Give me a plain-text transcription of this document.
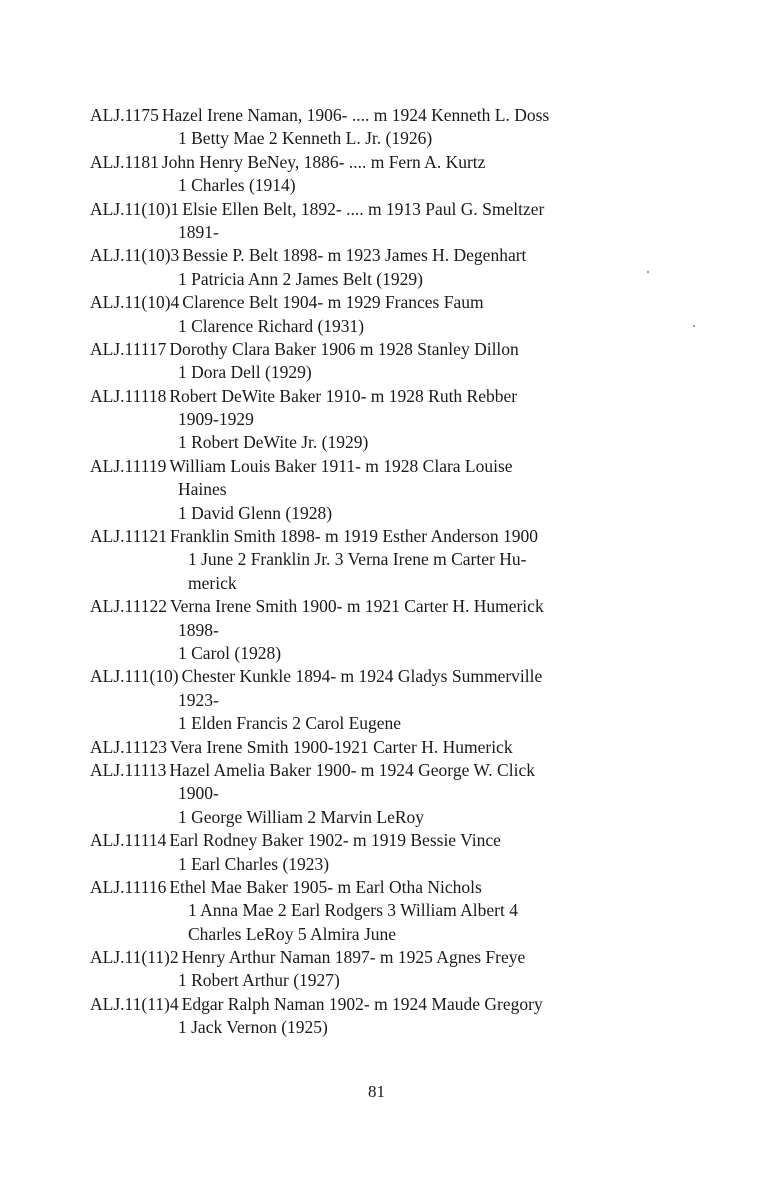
ALJ.1175 Hazel Irene Naman, 1906- .... m 1924 Kenneth L. Doss
1 Betty Mae 2 Kenneth L. Jr. (1926)
ALJ.1181 John Henry BeNey, 1886- .... m Fern A. Kurtz
1 Charles (1914)
ALJ.11(10)1 Elsie Ellen Belt, 1892- .... m 1913 Paul G. Smeltzer
1891-
ALJ.11(10)3 Bessie P. Belt 1898- m 1923 James H. Degenhart
1 Patricia Ann 2 James Belt (1929)
ALJ.11(10)4 Clarence Belt 1904- m 1929 Frances Faum
1 Clarence Richard (1931)
ALJ.11117 Dorothy Clara Baker 1906 m 1928 Stanley Dillon
1 Dora Dell (1929)
ALJ.11118 Robert DeWite Baker 1910- m 1928 Ruth Rebber
1909-1929
1 Robert DeWite Jr. (1929)
ALJ.11119 William Louis Baker 1911- m 1928 Clara Louise
Haines
1 David Glenn (1928)
ALJ.11121 Franklin Smith 1898- m 1919 Esther Anderson 1900
1 June 2 Franklin Jr. 3 Verna Irene m Carter Hu-
merick
ALJ.11122 Verna Irene Smith 1900- m 1921 Carter H. Humerick
1898-
1 Carol (1928)
ALJ.111(10) Chester Kunkle 1894- m 1924 Gladys Summerville
1923-
1 Elden Francis 2 Carol Eugene
ALJ.11123 Vera Irene Smith 1900-1921 Carter H. Humerick
ALJ.11113 Hazel Amelia Baker 1900- m 1924 George W. Click
1900-
1 George William 2 Marvin LeRoy
ALJ.11114 Earl Rodney Baker 1902- m 1919 Bessie Vince
1 Earl Charles (1923)
ALJ.11116 Ethel Mae Baker 1905- m Earl Otha Nichols
1 Anna Mae 2 Earl Rodgers 3 William Albert 4
Charles LeRoy 5 Almira June
ALJ.11(11)2 Henry Arthur Naman 1897- m 1925 Agnes Freye
1 Robert Arthur (1927)
ALJ.11(11)4 Edgar Ralph Naman 1902- m 1924 Maude Gregory
1 Jack Vernon (1925)
81
